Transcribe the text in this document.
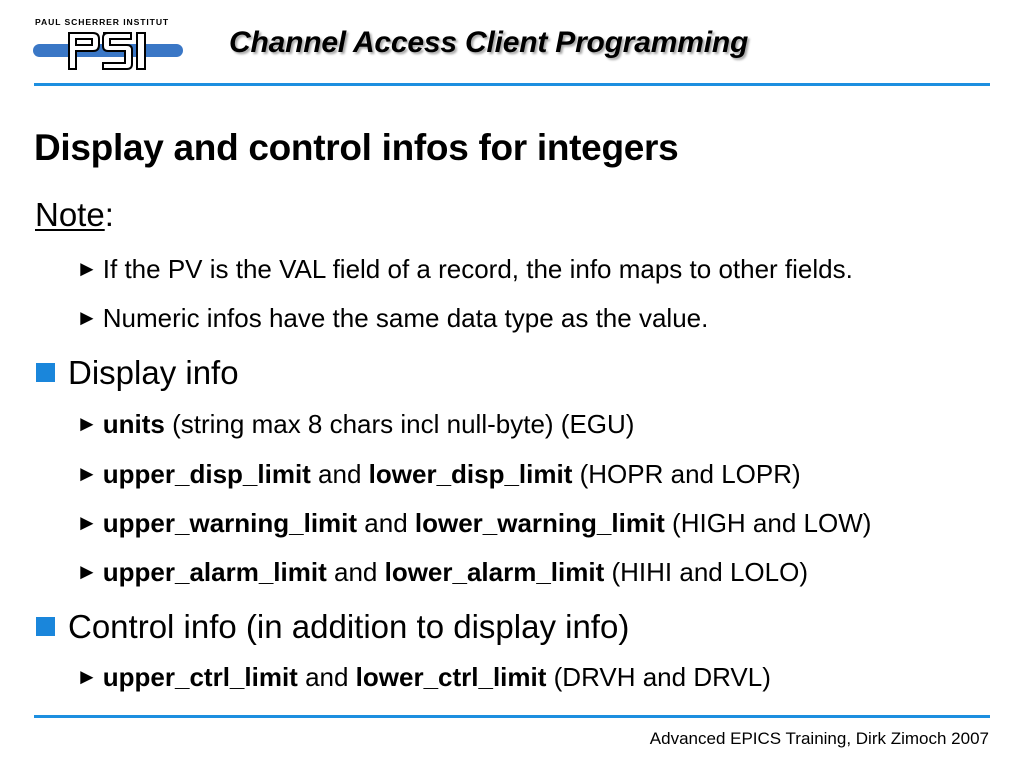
PAUL SCHERRER INSTITUT
Channel Access Client Programming
Display and control infos for integers
Note:
► If the PV is the VAL field of a record, the info maps to other fields.
► Numeric infos have the same data type as the value.
Display info
► units (string max 8 chars incl null-byte) (EGU)
► upper_disp_limit and lower_disp_limit (HOPR and LOPR)
► upper_warning_limit and lower_warning_limit (HIGH and LOW)
► upper_alarm_limit and lower_alarm_limit (HIHI and LOLO)
Control info (in addition to display info)
► upper_ctrl_limit and lower_ctrl_limit (DRVH and DRVL)
Advanced EPICS Training, Dirk Zimoch 2007
